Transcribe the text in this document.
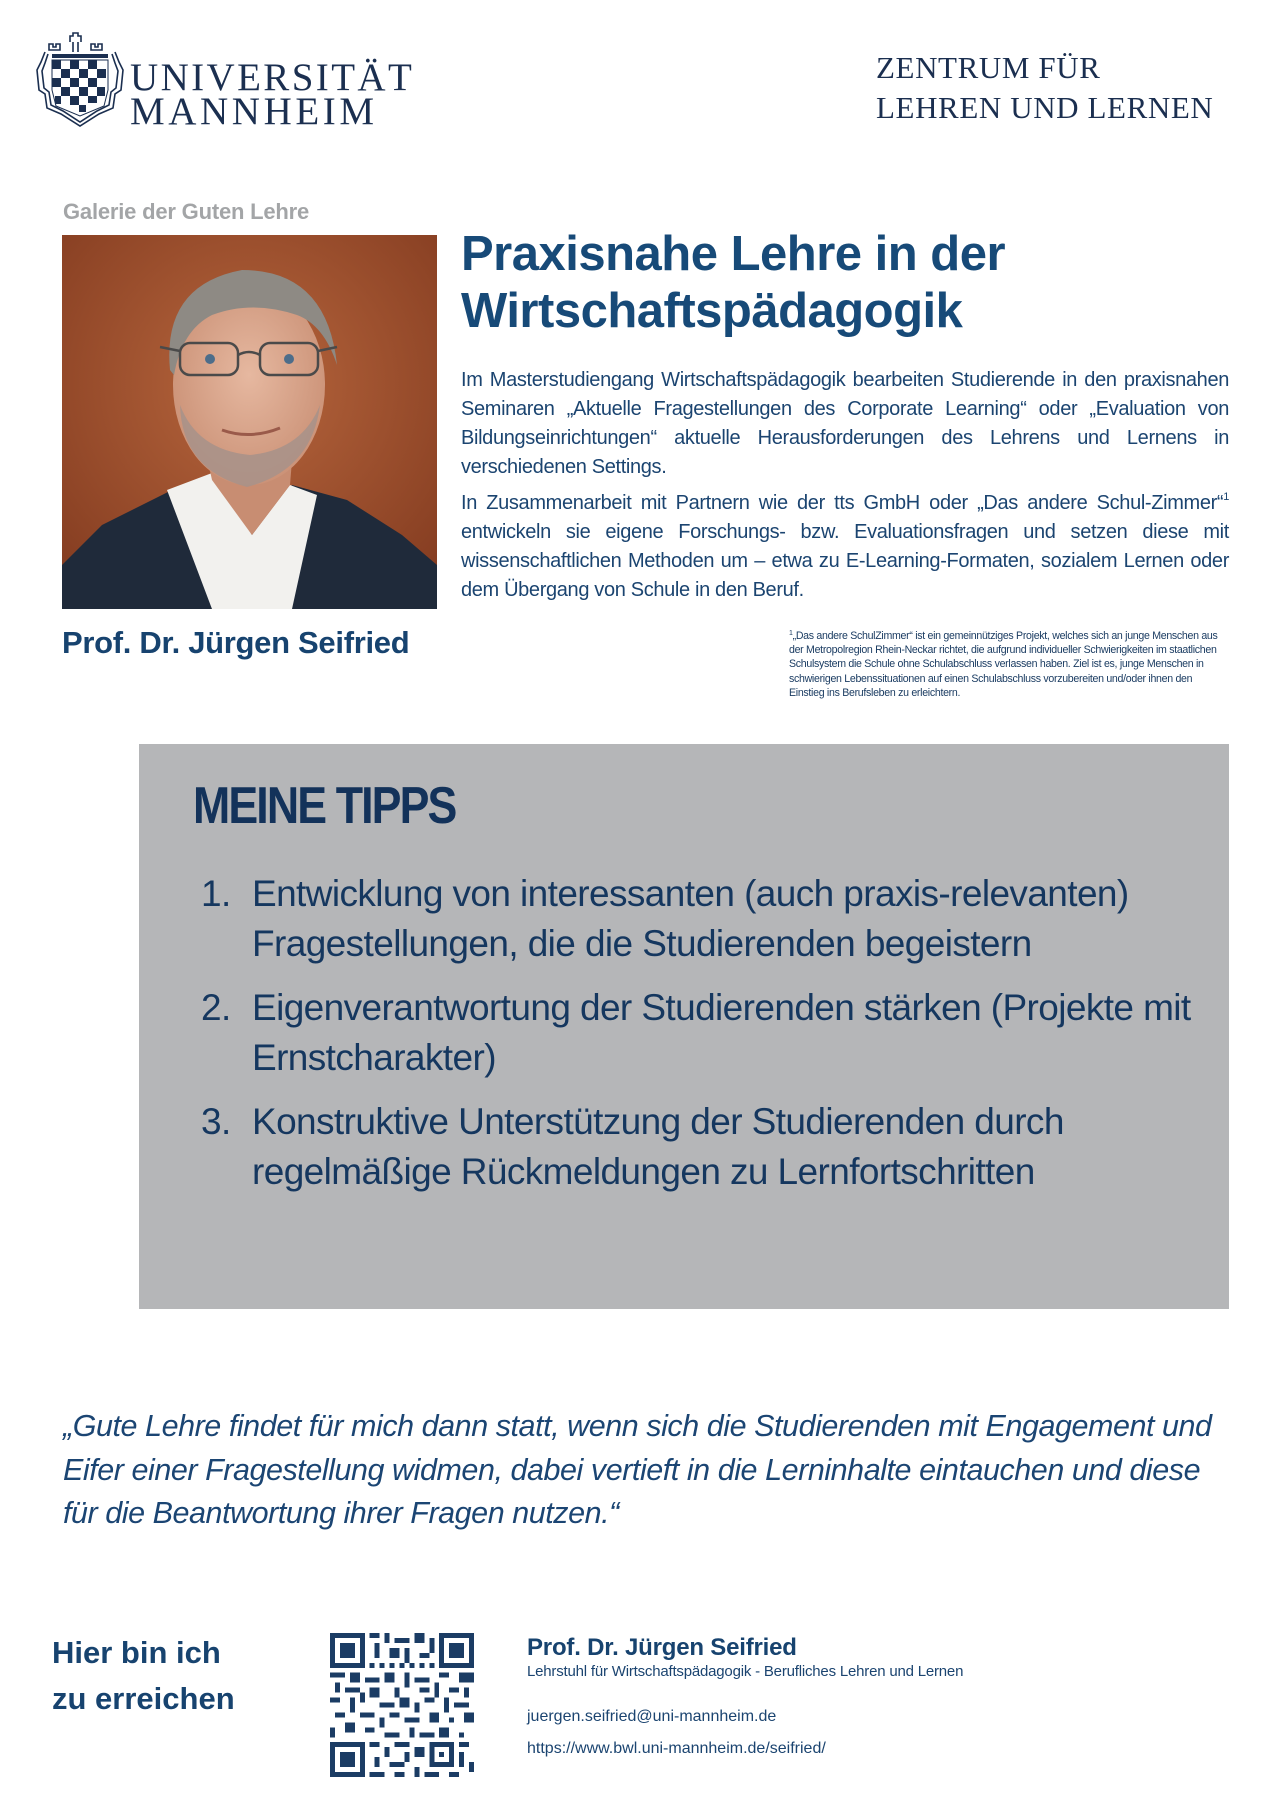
UNIVERSITÄT
MANNHEIM
ZENTRUM FÜR
LEHREN UND LERNEN
Galerie der Guten Lehre
Prof. Dr. Jürgen Seifried
Praxisnahe Lehre in der Wirtschaftspädagogik

Im Masterstudiengang Wirtschaftspädagogik bearbeiten Studierende in den praxisnahen Seminaren „Aktuelle Fragestellungen des Corporate Learning“ oder „Evaluation von Bildungseinrichtungen“ aktuelle Herausforderungen des Lehrens und Lernens in verschiedenen Settings.

In Zusammenarbeit mit Partnern wie der tts GmbH oder „Das andere Schul-Zimmer“$^1$ entwickeln sie eigene Forschungs- bzw. Evaluationsfragen und setzen diese mit wissenschaftlichen Methoden um – etwa zu E-Learning-Formaten, sozialem Lernen oder dem Übergang von Schule in den Beruf.

$^1$„Das andere SchulZimmer“ ist ein gemeinnütziges Projekt, welches sich an junge Menschen aus der Metropolregion Rhein-Neckar richtet, die aufgrund individueller Schwierigkeiten im staatlichen Schulsystem die Schule ohne Schulabschluss verlassen haben. Ziel ist es, junge Menschen in schwierigen Lebenssituationen auf einen Schulabschluss vorzubereiten und/oder ihnen den Einstieg ins Berufsleben zu erleichtern.
MEINE TIPPS
1. Entwicklung von interessanten (auch praxis-relevanten) Fragestellungen, die die Studierenden begeistern
2. Eigenverantwortung der Studierenden stärken (Projekte mit Ernstcharakter)
3. Konstruktive Unterstützung der Studierenden durch regelmäßige Rückmeldungen zu Lernfortschritten
„Gute Lehre findet für mich dann statt, wenn sich die Studierenden mit Engagement und Eifer einer Fragestellung widmen, dabei vertieft in die Lerninhalte eintauchen und diese für die Beantwortung ihrer Fragen nutzen.“
Hier bin ich
zu erreichen
Prof. Dr. Jürgen Seifried
Lehrstuhl für Wirtschaftspädagogik - Berufliches Lehren und Lernen
juergen.seifried@uni-mannheim.de
https://www.bwl.uni-mannheim.de/seifried/
